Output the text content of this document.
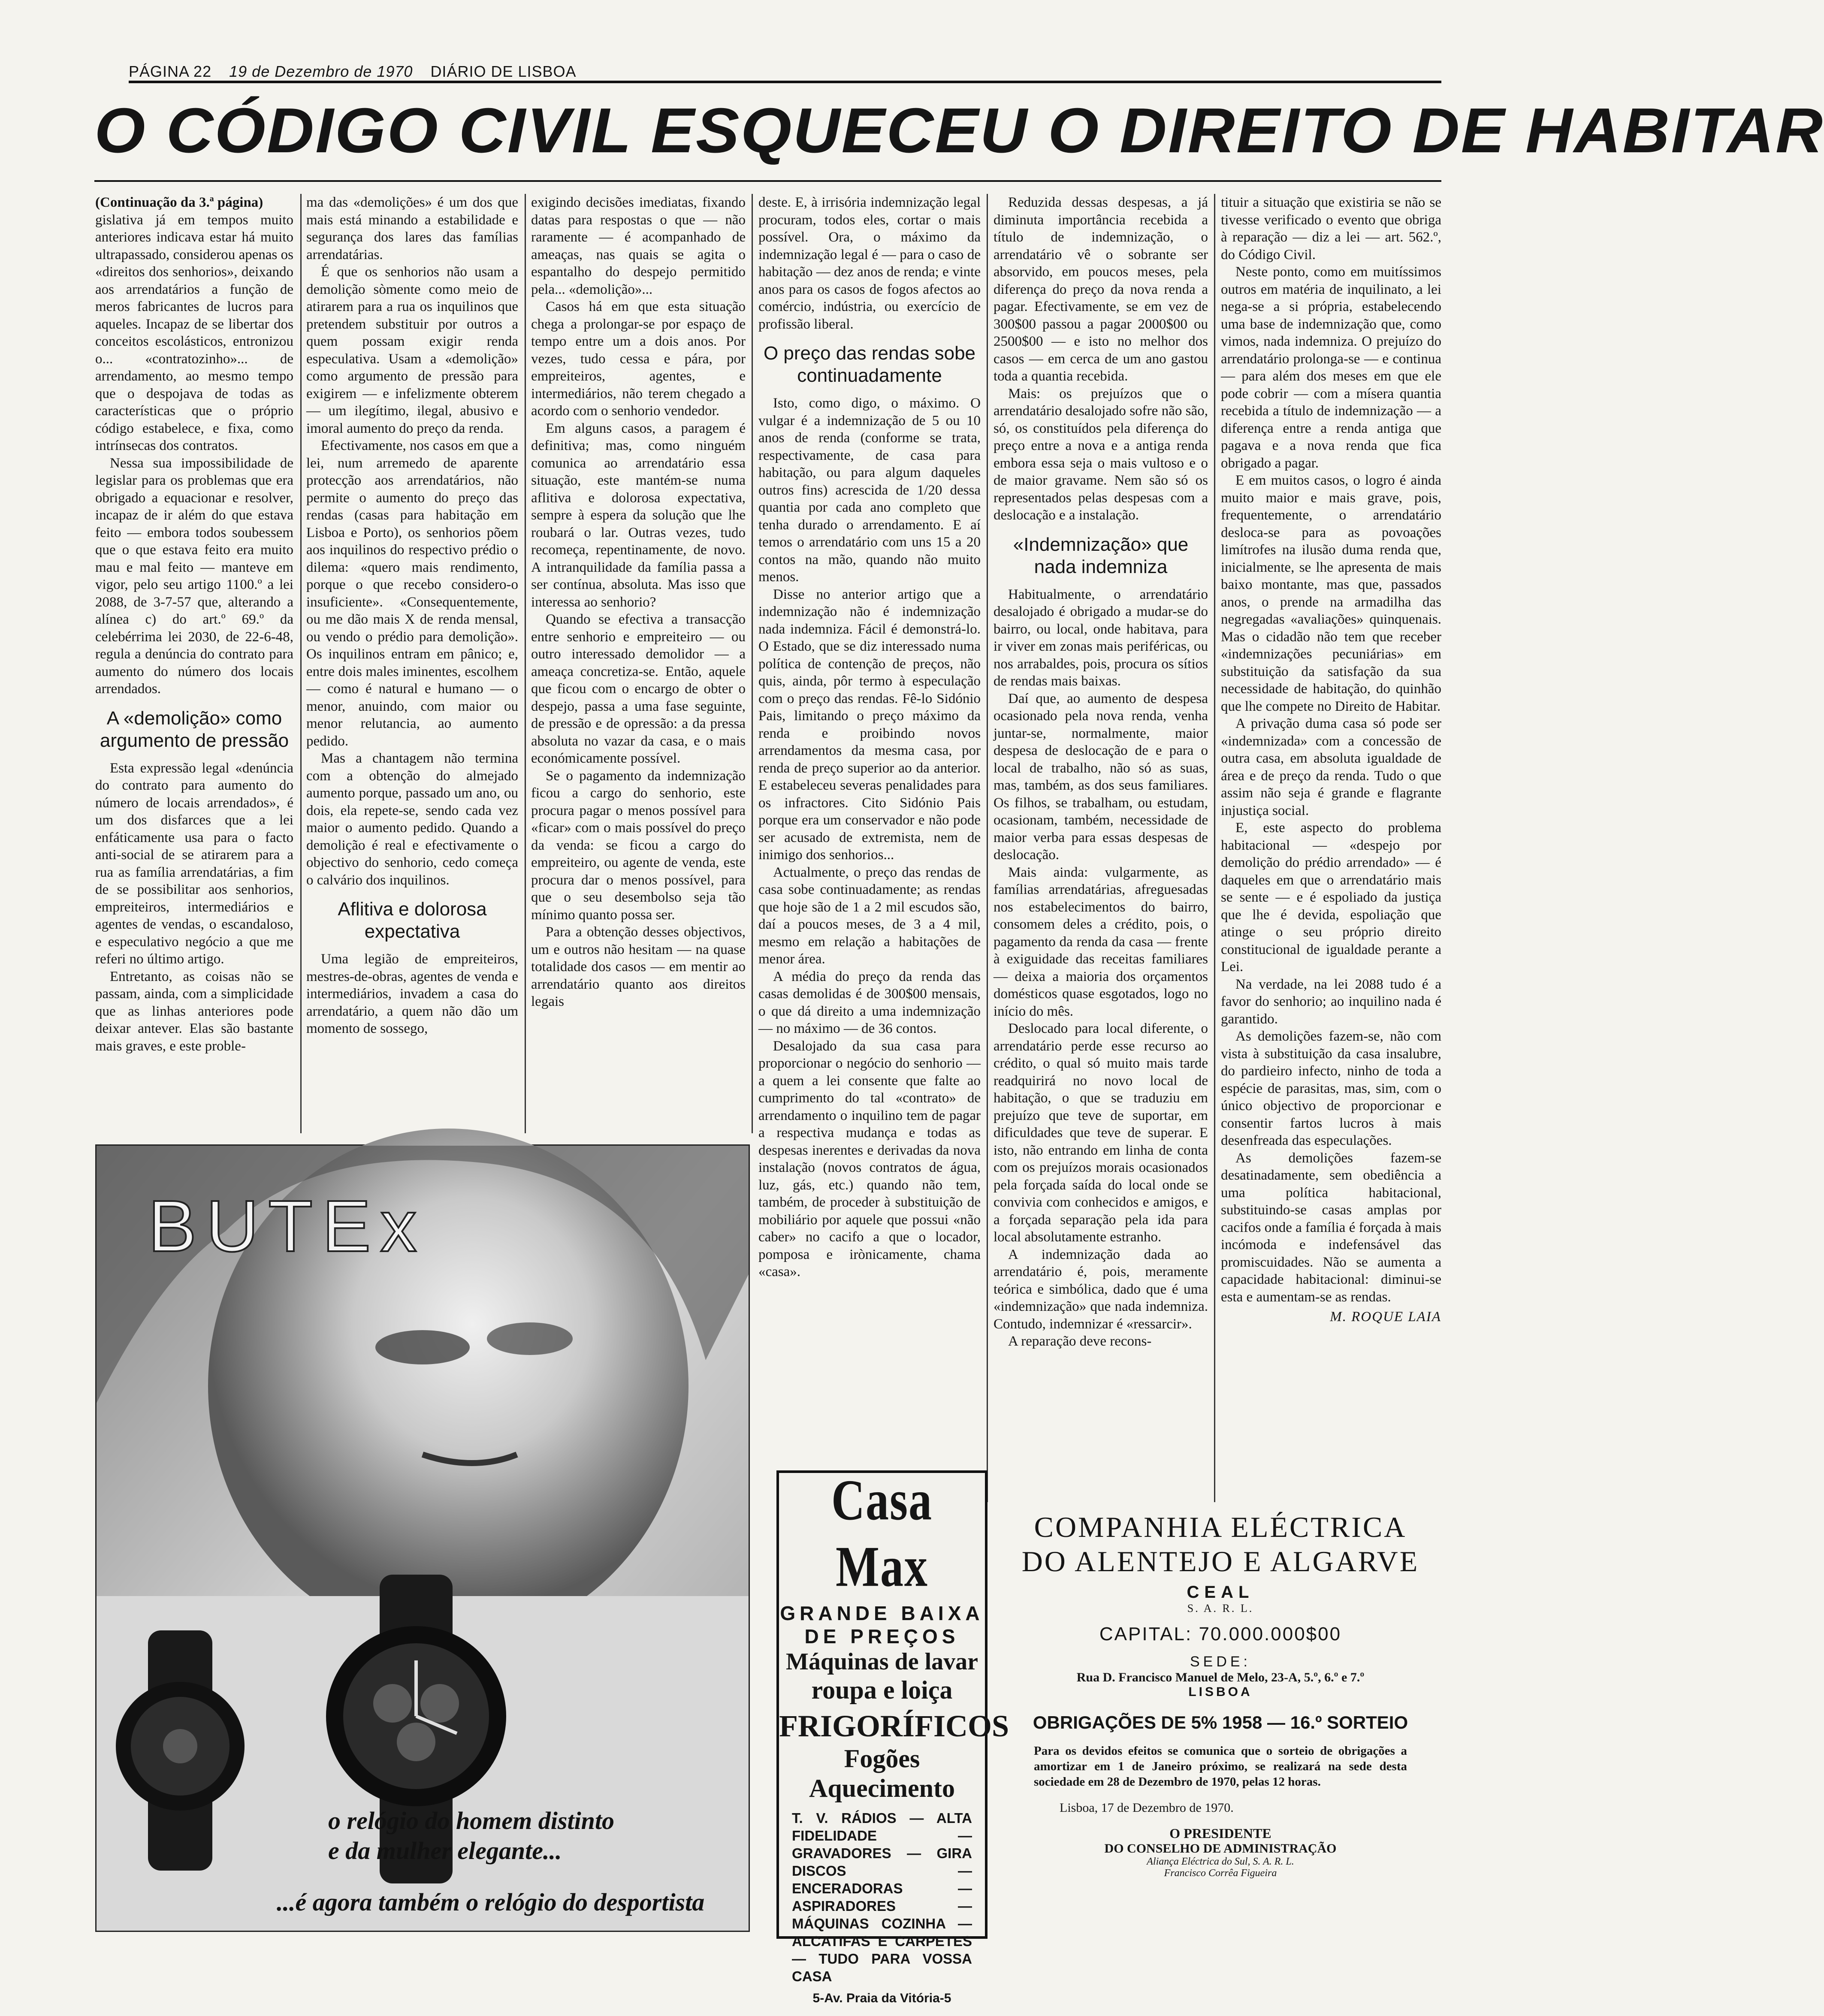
PÁGINA 22 19 de Dezembro de 1970 DIÁRIO DE LISBOA
O CÓDIGO CIVIL ESQUECEU O DIREITO DE HABITAR

(Continuação da 3.ª página)

gislativa já em tempos muito anteriores indicava estar há muito ultrapassado, considerou apenas os «direitos dos senhorios», deixando aos arrendatários a função de meros fabricantes de lucros para aqueles. Incapaz de se libertar dos conceitos escolásticos, entronizou o... «contratozinho»... de arrendamento, ao mesmo tempo que o despojava de todas as características que o próprio código estabelece, e fixa, como intrínsecas dos contratos.

Nessa sua impossibilidade de legislar para os problemas que era obrigado a equacionar e resolver, incapaz de ir além do que estava feito — embora todos soubessem que o que estava feito era muito mau e mal feito — manteve em vigor, pelo seu artigo 1100.º a lei 2088, de 3-7-57 que, alterando a alínea c) do art.º 69.º da celebérrima lei 2030, de 22-6-48, regula a denúncia do contrato para aumento do número dos locais arrendados.

A «demolição» como argumento de pressão

Esta expressão legal «denúncia do contrato para aumento do número de locais arrendados», é um dos disfarces que a lei enfáticamente usa para o facto anti-social de se atirarem para a rua as família arrendatárias, a fim de se possibilitar aos senhorios, empreiteiros, intermediários e agentes de vendas, o escandaloso, e especulativo negócio a que me referi no último artigo.

Entretanto, as coisas não se passam, ainda, com a simplicidade que as linhas anteriores pode deixar antever. Elas são bastante mais graves, e este proble-

ma das «demolições» é um dos que mais está minando a estabilidade e segurança dos lares das famílias arrendatárias.

É que os senhorios não usam a demolição sòmente como meio de atirarem para a rua os inquilinos que pretendem substituir por outros a quem possam exigir renda especulativa. Usam a «demolição» como argumento de pressão para exigirem — e infelizmente obterem — um ilegítimo, ilegal, abusivo e imoral aumento do preço da renda.

Efectivamente, nos casos em que a lei, num arremedo de aparente protecção aos arrendatários, não permite o aumento do preço das rendas (casas para habitação em Lisboa e Porto), os senhorios põem aos inquilinos do respectivo prédio o dilema: «quero mais rendimento, porque o que recebo considero-o insuficiente». «Consequentemente, ou me dão mais X de renda mensal, ou vendo o prédio para demolição». Os inquilinos entram em pânico; e, entre dois males iminentes, escolhem — como é natural e humano — o menor, anuindo, com maior ou menor relutancia, ao aumento pedido.

Mas a chantagem não termina com a obtenção do almejado aumento porque, passado um ano, ou dois, ela repete-se, sendo cada vez maior o aumento pedido. Quando a demolição é real e efectivamente o objectivo do senhorio, cedo começa o calvário dos inquilinos.

Aflitiva e dolorosa expectativa

Uma legião de empreiteiros, mestres-de-obras, agentes de venda e intermediários, invadem a casa do arrendatário, a quem não dão um momento de sossego,

exigindo decisões imediatas, fixando datas para respostas o que — não raramente — é acompanhado de ameaças, nas quais se agita o espantalho do despejo permitido pela... «demolição»...

Casos há em que esta situação chega a prolongar-se por espaço de tempo entre um a dois anos. Por vezes, tudo cessa e pára, por empreiteiros, agentes, e intermediários, não terem chegado a acordo com o senhorio vendedor.

Em alguns casos, a paragem é definitiva; mas, como ninguém comunica ao arrendatário essa situação, este mantém-se numa aflitiva e dolorosa expectativa, sempre à espera da solução que lhe roubará o lar. Outras vezes, tudo recomeça, repentinamente, de novo. A intranquilidade da família passa a ser contínua, absoluta. Mas isso que interessa ao senhorio?

Quando se efectiva a transacção entre senhorio e empreiteiro — ou outro interessado demolidor — a ameaça concretiza-se. Então, aquele que ficou com o encargo de obter o despejo, passa a uma fase seguinte, de pressão e de opressão: a da pressa absoluta no vazar da casa, e o mais económicamente possível.

Se o pagamento da indemnização ficou a cargo do senhorio, este procura pagar o menos possível para «ficar» com o mais possível do preço da venda: se ficou a cargo do empreiteiro, ou agente de venda, este procura dar o menos possível, para que o seu desembolso seja tão mínimo quanto possa ser.

Para a obtenção desses objectivos, um e outros não hesitam — na quase totalidade dos casos — em mentir ao arrendatário quanto aos direitos legais

deste. E, à irrisória indemnização legal procuram, todos eles, cortar o mais possível. Ora, o máximo da indemnização legal é — para o caso de habitação — dez anos de renda; e vinte anos para os casos de fogos afectos ao comércio, indústria, ou exercício de profissão liberal.

O preço das rendas sobe continuadamente

Isto, como digo, o máximo. O vulgar é a indemnização de 5 ou 10 anos de renda (conforme se trata, respectivamente, de casa para habitação, ou para algum daqueles outros fins) acrescida de 1/20 dessa quantia por cada ano completo que tenha durado o arrendamento. E aí temos o arrendatário com uns 15 a 20 contos na mão, quando não muito menos.

Disse no anterior artigo que a indemnização não é indemnização nada indemniza. Fácil é demonstrá-lo. O Estado, que se diz interessado numa política de contenção de preços, não quis, ainda, pôr termo à especulação com o preço das rendas. Fê-lo Sidónio Pais, limitando o preço máximo da renda e proibindo novos arrendamentos da mesma casa, por renda de preço superior ao da anterior. E estabeleceu severas penalidades para os infractores. Cito Sidónio Pais porque era um conservador e não pode ser acusado de extremista, nem de inimigo dos senhorios...

Actualmente, o preço das rendas de casa sobe continuadamente; as rendas que hoje são de 1 a 2 mil escudos são, daí a poucos meses, de 3 a 4 mil, mesmo em relação a habitações de menor área.

A média do preço da renda das casas demolidas é de 300$00 mensais, o que dá direito a uma indemnização — no máximo — de 36 contos.

Desalojado da sua casa para proporcionar o negócio do senhorio — a quem a lei consente que falte ao cumprimento do tal «contrato» de arrendamento o inquilino tem de pagar a respectiva mudança e todas as despesas inerentes e derivadas da nova instalação (novos contratos de água, luz, gás, etc.) quando não tem, também, de proceder à substituição de mobiliário por aquele que possui «não caber» no cacifo a que o locador, pomposa e irònicamente, chama «casa».

Reduzida dessas despesas, a já diminuta importância recebida a título de indemnização, o arrendatário vê o sobrante ser absorvido, em poucos meses, pela diferença do preço da nova renda a pagar. Efectivamente, se em vez de 300$00 passou a pagar 2000$00 ou 2500$00 — e isto no melhor dos casos — em cerca de um ano gastou toda a quantia recebida.

Mais: os prejuízos que o arrendatário desalojado sofre não são, só, os constituídos pela diferença do preço entre a nova e a antiga renda embora essa seja o mais vultoso e o de maior gravame. Nem são só os representados pelas despesas com a deslocação e a instalação.

«Indemnização» que nada indemniza

Habitualmente, o arrendatário desalojado é obrigado a mudar-se do bairro, ou local, onde habitava, para ir viver em zonas mais periféricas, ou nos arrabaldes, pois, procura os sítios de rendas mais baixas.

Daí que, ao aumento de despesa ocasionado pela nova renda, venha juntar-se, normalmente, maior despesa de deslocação de e para o local de trabalho, não só as suas, mas, também, as dos seus familiares. Os filhos, se trabalham, ou estudam, ocasionam, também, necessidade de maior verba para essas despesas de deslocação.

Mais ainda: vulgarmente, as famílias arrendatárias, afreguesadas nos estabelecimentos do bairro, consomem deles a crédito, pois, o pagamento da renda da casa — frente à exiguidade das receitas familiares — deixa a maioria dos orçamentos domésticos quase esgotados, logo no início do mês.

Deslocado para local diferente, o arrendatário perde esse recurso ao crédito, o qual só muito mais tarde readquirirá no novo local de habitação, o que se traduziu em prejuízo que teve de suportar, em dificuldades que teve de superar. E isto, não entrando em linha de conta com os prejuízos morais ocasionados pela forçada saída do local onde se convivia com conhecidos e amigos, e a forçada separação pela ida para local absolutamente estranho.

A indemnização dada ao arrendatário é, pois, meramente teórica e simbólica, dado que é uma «indemnização» que nada indemniza. Contudo, indemnizar é «ressarcir».

A reparação deve recons-

tituir a situação que existiria se não se tivesse verificado o evento que obriga à reparação — diz a lei — art. 562.º, do Código Civil.

Neste ponto, como em muitíssimos outros em matéria de inquilinato, a lei nega-se a si própria, estabelecendo uma base de indemnização que, como vimos, nada indemniza. O prejuízo do arrendatário prolonga-se — e continua — para além dos meses em que ele pode cobrir — com a mísera quantia recebida a título de indemnização — a diferença entre a renda antiga que pagava e a nova renda que fica obrigado a pagar.

E em muitos casos, o logro é ainda muito maior e mais grave, pois, frequentemente, o arrendatário desloca-se para as povoações limítrofes na ilusão duma renda que, inicialmente, se lhe apresenta de mais baixo montante, mas que, passados anos, o prende na armadilha das negregadas «avaliações» quinquenais. Mas o cidadão não tem que receber «indemnizações pecuniárias» em substituição da satisfação da sua necessidade de habitação, do quinhão que lhe compete no Direito de Habitar.

A privação duma casa só pode ser «indemnizada» com a concessão de outra casa, em absoluta igualdade de área e de preço da renda. Tudo o que assim não seja é grande e flagrante injustiça social.

E, este aspecto do problema habitacional — «despejo por demolição do prédio arrendado» — é daqueles em que o arrendatário mais se sente — e é espoliado da justiça que lhe é devida, espoliação que atinge o seu próprio direito constitucional de igualdade perante a Lei.

Na verdade, na lei 2088 tudo é a favor do senhorio; ao inquilino nada é garantido.

As demolições fazem-se, não com vista à substituição da casa insalubre, do pardieiro infecto, ninho de toda a espécie de parasitas, mas, sim, com o único objectivo de proporcionar e consentir fartos lucros à mais desenfreada das especulações.

As demolições fazem-se desatinadamente, sem obediência a uma política habitacional, substituindo-se casas amplas por cacifos onde a família é forçada à mais incómoda e indefensável das promiscuidades. Não se aumenta a capacidade habitacional: diminui-se esta e aumentam-se as rendas.

M. ROQUE LAIA
BUTEx
o relógio do homem distinto
e da mulher elegante...
...é agora também o relógio do desportista
Casa Max
GRANDE BAIXA
DE PREÇOS
Máquinas de lavar
roupa e loiça
FRIGORÍFICOS
Fogões
Aquecimento
T. V. RÁDIOS — ALTA FIDELIDADE — GRAVADORES — GIRA DISCOS — ENCERADORAS — ASPIRADORES — MÁQUINAS COZINHA — ALCATIFAS E CARPETES — TUDO PARA VOSSA CASA
5-Av. Praia da Vitória-5
COMPANHIA ELÉCTRICA
DO ALENTEJO E ALGARVE
CEAL
S. A. R. L.
CAPITAL: 70.000.000$00
SEDE:
Rua D. Francisco Manuel de Melo, 23-A, 5.º, 6.º e 7.º
LISBOA
OBRIGAÇÕES DE 5% 1958 — 16.º SORTEIO
Para os devidos efeitos se comunica que o sorteio de obrigações a amortizar em 1 de Janeiro próximo, se realizará na sede desta sociedade em 28 de Dezembro de 1970, pelas 12 horas.
Lisboa, 17 de Dezembro de 1970.
O PRESIDENTE
DO CONSELHO DE ADMINISTRAÇÃO
Aliança Eléctrica do Sul, S. A. R. L.
Francisco Corrêa Figueira
